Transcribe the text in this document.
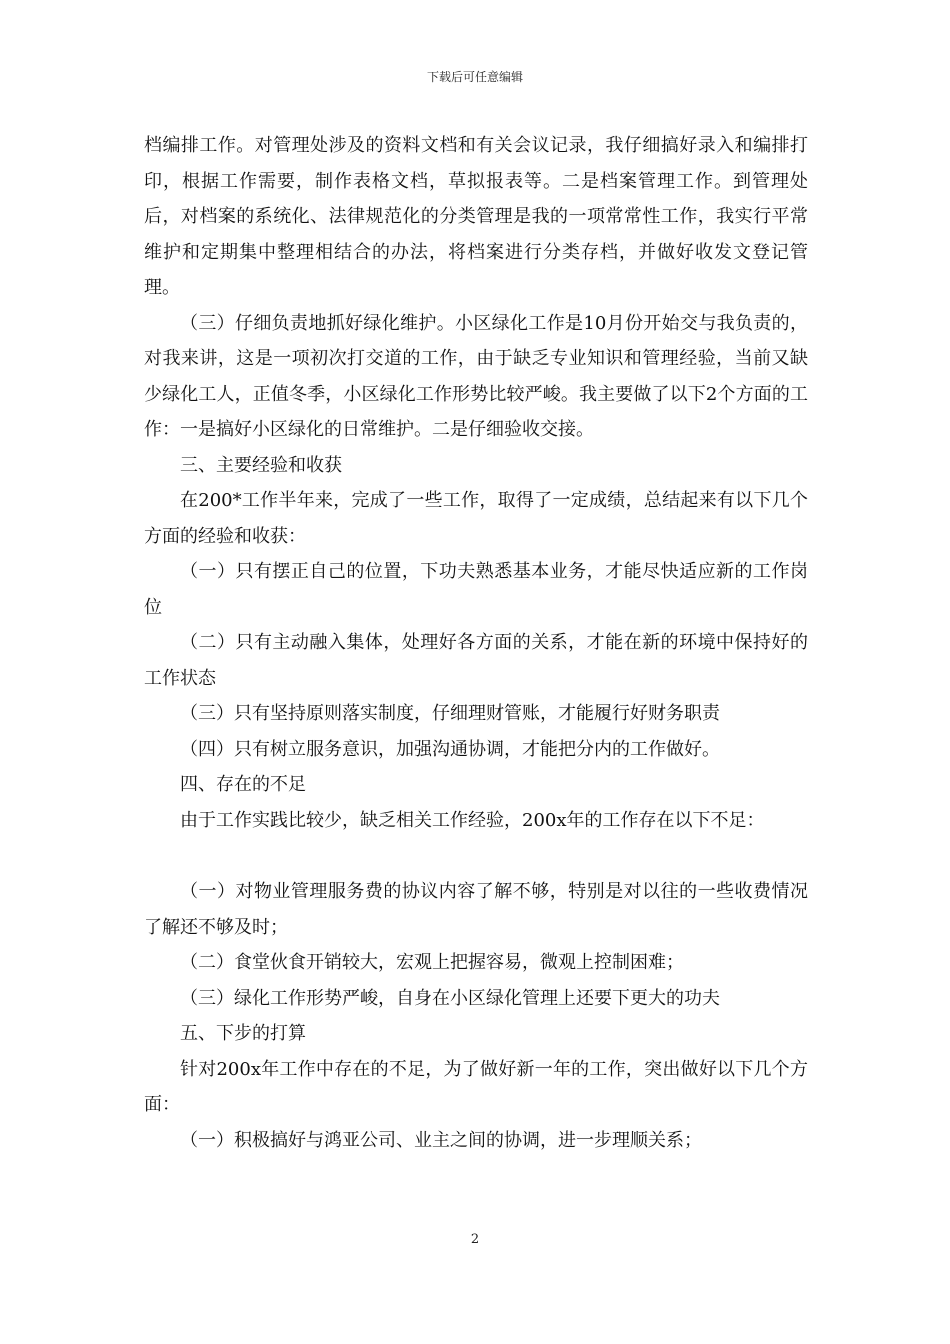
下载后可任意编辑

档编排工作。对管理处涉及的资料文档和有关会议记录，我仔细搞好录入和编排打印，根据工作需要，制作表格文档，草拟报表等。二是档案管理工作。到管理处后，对档案的系统化、法律规范化的分类管理是我的一项常常性工作，我实行平常维护和定期集中整理相结合的办法，将档案进行分类存档，并做好收发文登记管理。

（三）仔细负责地抓好绿化维护。小区绿化工作是10月份开始交与我负责的，对我来讲，这是一项初次打交道的工作，由于缺乏专业知识和管理经验，当前又缺少绿化工人，正值冬季，小区绿化工作形势比较严峻。我主要做了以下2个方面的工作：一是搞好小区绿化的日常维护。二是仔细验收交接。

三、主要经验和收获

在200*工作半年来，完成了一些工作，取得了一定成绩，总结起来有以下几个方面的经验和收获：

（一）只有摆正自己的位置，下功夫熟悉基本业务，才能尽快适应新的工作岗位

（二）只有主动融入集体，处理好各方面的关系，才能在新的环境中保持好的工作状态

（三）只有坚持原则落实制度，仔细理财管账，才能履行好财务职责

（四）只有树立服务意识，加强沟通协调，才能把分内的工作做好。

四、存在的不足

由于工作实践比较少，缺乏相关工作经验，200x年的工作存在以下不足：

（一）对物业管理服务费的协议内容了解不够，特别是对以往的一些收费情况了解还不够及时；

（二）食堂伙食开销较大，宏观上把握容易，微观上控制困难；

（三）绿化工作形势严峻，自身在小区绿化管理上还要下更大的功夫

五、下步的打算

针对200x年工作中存在的不足，为了做好新一年的工作，突出做好以下几个方面：

（一）积极搞好与鸿亚公司、业主之间的协调，进一步理顺关系；

2
